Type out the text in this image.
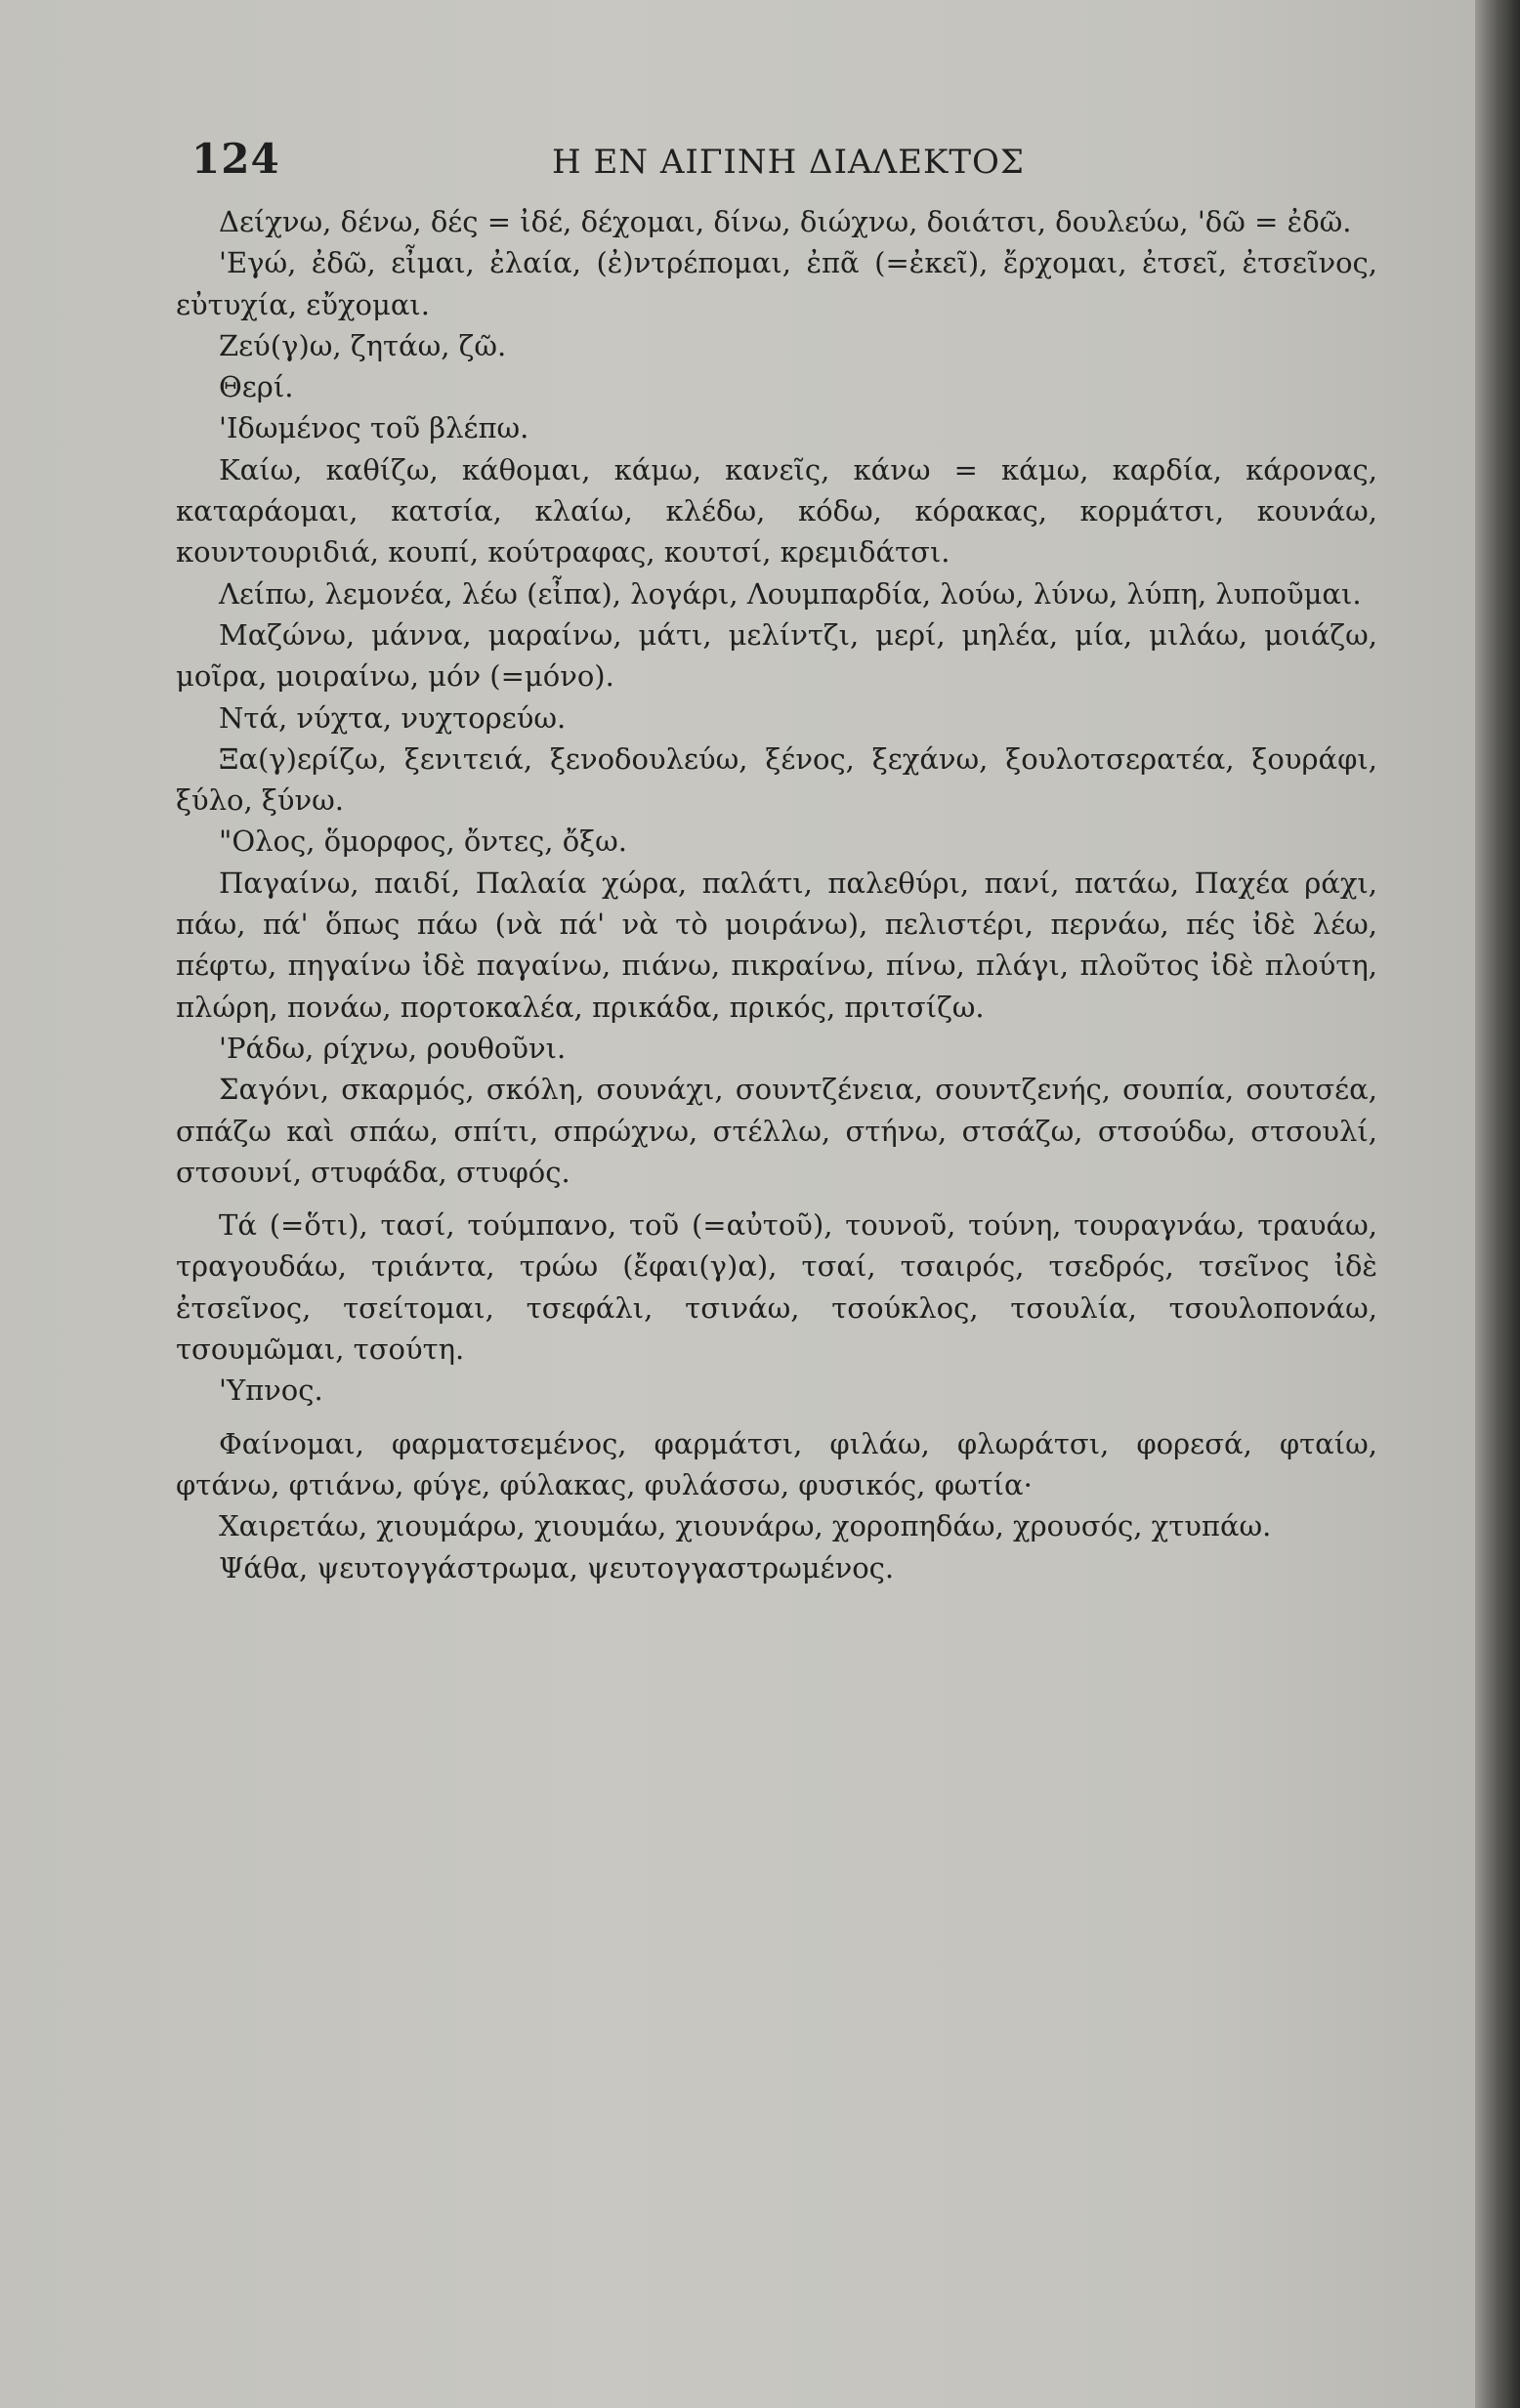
124	Η ΕΝ ΑΙΓΙΝΗ ΔΙΑΛΕΚΤΟΣ

Δείχνω, δένω, δές = ἰδέ, δέχομαι, δίνω, διώχνω, δοιάτσι, δουλεύω, 'δῶ = ἐδῶ.

'Εγώ, ἐδῶ, εἶμαι, ἐλαία, (ἐ)ντρέπομαι, ἐπᾶ (=ἐκεῖ), ἔρχομαι, ἐτσεῖ, ἐτσεῖνος, εὐτυχία, εὔχομαι.

Ζεύ(γ)ω, ζητάω, ζῶ.

Θερί.

'Ιδωμένος τοῦ βλέπω.

Καίω, καθίζω, κάθομαι, κάμω, κανεῖς, κάνω = κάμω, καρδία, κάρονας, καταράομαι, κατσία, κλαίω, κλέδω, κόδω, κόρακας, κορμάτσι, κουνάω, κουντουριδιά, κουπί, κούτραφας, κουτσί, κρεμιδάτσι.

Λείπω, λεμονέα, λέω (εἶπα), λογάρι, Λουμπαρδία, λούω, λύνω, λύπη, λυποῦμαι.

Μαζώνω, μάννα, μαραίνω, μάτι, μελίντζι, μερί, μηλέα, μία, μιλάω, μοιάζω, μοῖρα, μοιραίνω, μόν (=μόνο).

Ντά, νύχτα, νυχτορεύω.

Ξα(γ)ερίζω, ξενιτειά, ξενοδουλεύω, ξένος, ξεχάνω, ξουλοτσερατέα, ξουράφι, ξύλο, ξύνω.

"Ολος, ὅμορφος, ὄντες, ὄξω.

Παγαίνω, παιδί, Παλαία χώρα, παλάτι, παλεθύρι, πανί, πατάω, Παχέα ράχι, πάω, πά' ὅπως πάω (νὰ πά' νὰ τὸ μοιράνω), πελιστέρι, περνάω, πές ἰδὲ λέω, πέφτω, πηγαίνω ἰδὲ παγαίνω, πιάνω, πικραίνω, πίνω, πλάγι, πλοῦτος ἰδὲ πλούτη, πλώρη, πονάω, πορτοκαλέα, πρικάδα, πρικός, πριτσίζω.

'Ράδω, ρίχνω, ρουθοῦνι.

Σαγόνι, σκαρμός, σκόλη, σουνάχι, σουντζένεια, σουντζενής, σουπία, σουτσέα, σπάζω καὶ σπάω, σπίτι, σπρώχνω, στέλλω, στήνω, στσάζω, στσούδω, στσουλί, στσουνί, στυφάδα, στυφός.

Τά (=ὅτι), τασί, τούμπανο, τοῦ (=αὐτοῦ), τουνοῦ, τούνη, τουραγνάω, τραυάω, τραγουδάω, τριάντα, τρώω (ἔφαι(γ)α), τσαί, τσαιρός, τσεδρός, τσεῖνος ἰδὲ ἐτσεῖνος, τσείτομαι, τσεφάλι, τσινάω, τσούκλος, τσουλία, τσουλοπονάω, τσουμῶμαι, τσούτη.

'Υπνος.

Φαίνομαι, φαρματσεμένος, φαρμάτσι, φιλάω, φλωράτσι, φορεσά, φταίω, φτάνω, φτιάνω, φύγε, φύλακας, φυλάσσω, φυσικός, φωτία·

Χαιρετάω, χιουμάρω, χιουμάω, χιουνάρω, χοροπηδάω, χρουσός, χτυπάω.

Ψάθα, ψευτογγάστρωμα, ψευτογγαστρωμένος.
